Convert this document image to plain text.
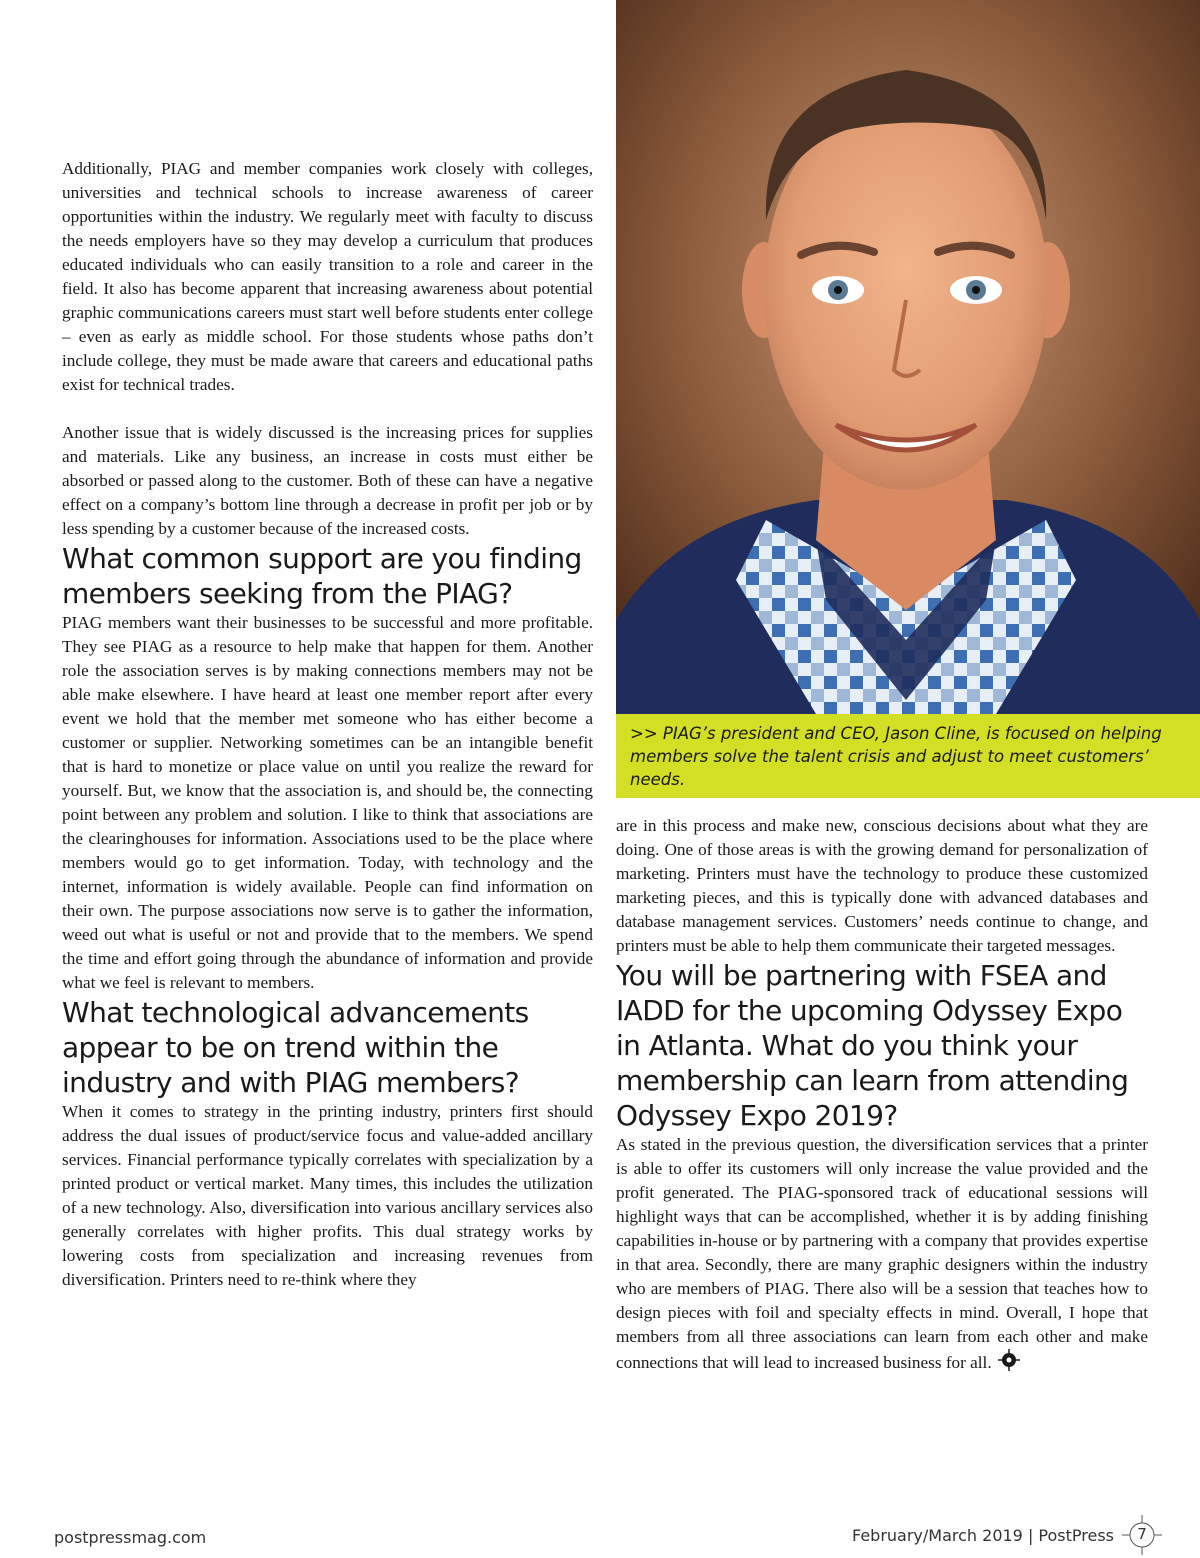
>> PIAG’s president and CEO, Jason Cline, is focused on helping members solve the talent crisis and adjust to meet customers’ needs.

Additionally, PIAG and member companies work closely with colleges, universities and technical schools to increase awareness of career opportunities within the industry. We regularly meet with faculty to discuss the needs employers have so they may develop a curriculum that produces educated individuals who can easily transition to a role and career in the field. It also has become apparent that increasing awareness about potential graphic communications careers must start well before students enter college – even as early as middle school. For those students whose paths don’t include college, they must be made aware that careers and educational paths exist for technical trades.

Another issue that is widely discussed is the increasing prices for supplies and materials. Like any business, an increase in costs must either be absorbed or passed along to the customer. Both of these can have a negative effect on a company’s bottom line through a decrease in profit per job or by less spending by a customer because of the increased costs.

What common support are you finding members seeking from the PIAG?

PIAG members want their businesses to be successful and more profitable. They see PIAG as a resource to help make that happen for them. Another role the association serves is by making connections members may not be able make elsewhere. I have heard at least one member report after every event we hold that the member met someone who has either become a customer or supplier. Networking sometimes can be an intangible benefit that is hard to monetize or place value on until you realize the reward for yourself. But, we know that the association is, and should be, the connecting point between any problem and solution. I like to think that associations are the clearinghouses for information. Associations used to be the place where members would go to get information. Today, with technology and the internet, information is widely available. People can find information on their own. The purpose associations now serve is to gather the information, weed out what is useful or not and provide that to the members. We spend the time and effort going through the abundance of information and provide what we feel is relevant to members.

What technological advancements appear to be on trend within the industry and with PIAG members?

When it comes to strategy in the printing industry, printers first should address the dual issues of product/service focus and value-added ancillary services. Financial performance typically correlates with specialization by a printed product or vertical market. Many times, this includes the utilization of a new technology. Also, diversification into various ancillary services also generally correlates with higher profits. This dual strategy works by lowering costs from specialization and increasing revenues from diversification. Printers need to re-think where they

are in this process and make new, conscious decisions about what they are doing. One of those areas is with the growing demand for personalization of marketing. Printers must have the technology to produce these customized marketing pieces, and this is typically done with advanced databases and database management services. Customers’ needs continue to change, and printers must be able to help them communicate their targeted messages.

You will be partnering with FSEA and IADD for the upcoming Odyssey Expo in Atlanta. What do you think your membership can learn from attending Odyssey Expo 2019?

As stated in the previous question, the diversification services that a printer is able to offer its customers will only increase the value provided and the profit generated. The PIAG-sponsored track of educational sessions will highlight ways that can be accomplished, whether it is by adding finishing capabilities in-house or by partnering with a company that provides expertise in that area. Secondly, there are many graphic designers within the industry who are members of PIAG. There also will be a session that teaches how to design pieces with foil and specialty effects in mind. Overall, I hope that members from all three associations can learn from each other and make connections that will lead to increased business for all.

postpressmag.com	February/March 2019 | PostPress	7
